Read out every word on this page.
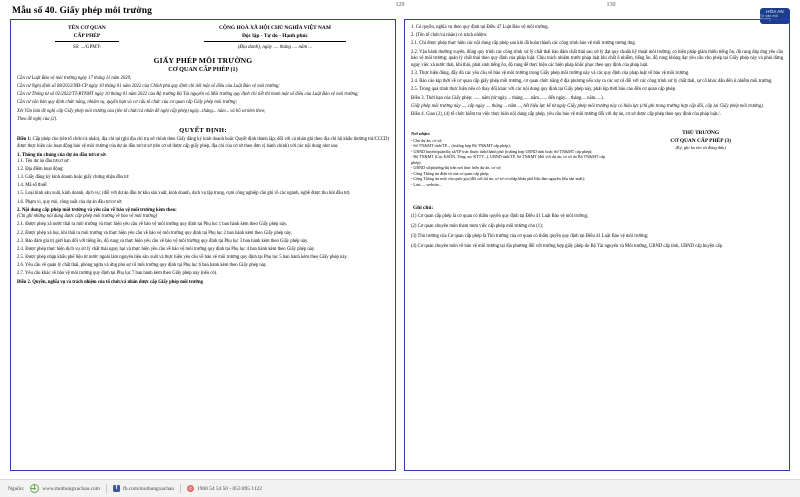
Mẫu số 40. Giấy phép môi trường
129	130
HÒA AN
Tư vấn môi trường
TÊN CƠ QUAN
CẤP PHÉP
Số: .../GPMT-
CỘNG HOÀ XÃ HỘI CHỦ NGHĨA VIỆT NAM
Độc lập - Tự do - Hạnh phúc
(Địa danh), ngày .... tháng .... năm ...
GIẤY PHÉP MÔI TRƯỜNG
CƠ QUAN CẤP PHÉP (1)

Căn cứ Luật Bảo vệ môi trường ngày 17 tháng 11 năm 2020;

Căn cứ Nghị định số 08/2022/NĐ-CP ngày 10 tháng 01 năm 2022 của Chính phủ quy định chi tiết một số điều của Luật Bảo vệ môi trường;

Căn cứ Thông tư số 02/2022/TT-BTNMT ngày 10 tháng 01 năm 2022 của Bộ trưởng Bộ Tài nguyên và Môi trường quy định chi tiết thi hành một số điều của Luật Bảo vệ môi trường;

Căn cứ văn bản quy định chức năng, nhiệm vụ, quyền hạn và cơ cấu tổ chức của cơ quan cấp Giấy phép môi trường;

Xét Văn bản đề nghị cấp Giấy phép môi trường của (tên tổ chức/cá nhân đề nghị cấp phép) ngày...tháng... năm... và hồ sơ kèm theo;

Theo đề nghị của (2).

QUYẾT ĐỊNH:

Điều 1: Cấp phép cho (tên tổ chức/cá nhân), địa chỉ tại (ghi địa chỉ trụ sở chính theo Giấy đăng ký kinh doanh hoặc Quyết định thành lập; đối với cá nhân ghi theo địa chỉ hộ khẩu thường trú/CCCD) được thực hiện các hoạt động bảo vệ môi trường của dự án đầu tư/cơ sở (tên cơ sở được cấp giấy phép, địa chỉ của cơ sở theo đơn vị hành chính) với các nội dung như sau:

1. Thông tin chung của dự án đầu tư/cơ sở:

1.1. Tên dự án đầu tư/cơ sở:

1.2. Địa điểm hoạt động:

1.3. Giấy đăng ký kinh doanh hoặc giấy chứng nhận đầu tư:

1.4. Mã số thuế:

1.5. Loại hình sản xuất, kinh doanh, dịch vụ: (đối với dự án đầu tư khu sản xuất, kinh doanh, dịch vụ tập trung, cụm công nghiệp cần ghi rõ các ngành, nghề được thu hút đầu tư).

1.6. Phạm vi, quy mô, công suất của dự án đầu tư/cơ sở:

2. Nội dung cấp phép môi trường và yêu cầu về bảo vệ môi trường kèm theo:

(Chỉ ghi những nội dung được cấp phép môi trường về bảo vệ môi trường)

2.1. Được phép xả nước thải ra môi trường và thực hiện yêu cầu về bảo vệ môi trường quy định tại Phụ lục 1 ban hành kèm theo Giấy phép này.

2.2. Được phép xả bụi, khí thải ra môi trường và thực hiện yêu cầu về bảo vệ môi trường quy định tại Phụ lục 2 ban hành kèm theo Giấy phép này.

2.3. Bảo đảm giá trị giới hạn đối với tiếng ồn, độ rung và thực hiện yêu cầu về bảo vệ môi trường quy định tại Phụ lục 3 ban hành kèm theo Giấy phép này.

2.4. Được phép thực hiện dịch vụ xử lý chất thải nguy hại và thực hiện yêu cầu về bảo vệ môi trường quy định tại Phụ lục 4 ban hành kèm theo Giấy phép này.

2.5. Được phép nhập khẩu phế liệu từ nước ngoài làm nguyên liệu sản xuất và thực hiện yêu cầu về bảo vệ môi trường quy định tại Phụ lục 5 ban hành kèm theo Giấy phép này.

2.6. Yêu cầu về quản lý chất thải, phòng ngừa và ứng phó sự cố môi trường quy định tại Phụ lục 6 ban hành kèm theo Giấy phép này.

2.7. Yêu cầu khác về bảo vệ môi trường quy định tại Phụ lục 7 ban hành kèm theo Giấy phép này (nếu có).

Điều 2. Quyền, nghĩa vụ và trách nhiệm của tổ chức/cá nhân được cấp Giấy phép môi trường

1. Có quyền, nghĩa vụ theo quy định tại Điều 47 Luật Bảo vệ môi trường.

2. (Tên tổ chức/cá nhân) có trách nhiệm:

2.1. Chỉ được phép thực hiện các nội dung cấp phép sau khi đã hoàn thành các công trình bảo vệ môi trường tương ứng.

2.2. Vận hành thường xuyên, đúng quy trình các công trình xử lý chất thải bảo đảm chất thải sau xử lý đạt quy chuẩn kỹ thuật môi trường; có biện pháp giảm thiểu tiếng ồn, độ rung đáp ứng yêu cầu bảo vệ môi trường; quản lý chất thải theo quy định của pháp luật. Chịu trách nhiệm trước pháp luật khi chất ô nhiễm, tiếng ồn, độ rung không đạt yêu cầu cho phép tại Giấy phép này và phải dừng ngay việc xả nước thải, khí thải, phát sinh tiếng ồn, độ rung để thực hiện các biện pháp khắc phục theo quy định của pháp luật.

2.3. Thực hiện đúng, đầy đủ các yêu cầu về bảo vệ môi trường trong Giấy phép môi trường này và các quy định của pháp luật về bảo vệ môi trường.

2.4. Báo cáo kịp thời về cơ quan cấp giấy phép môi trường, cơ quan chức năng ở địa phương nếu xảy ra các sự cố đối với các công trình xử lý chất thải, sự cố khác dẫn đến ô nhiễm môi trường.

2.5. Trong quá trình thực hiện nếu có thay đổi khác với các nội dung quy định tại Giấy phép này, phải kịp thời báo cáo đến cơ quan cấp phép.

Điều 3. Thời hạn của Giấy phép: ...... năm (từ ngày.... tháng...... năm....... đến ngày.... tháng.... năm.....).

Giấy phép môi trường này ..., cấp ngày .... tháng ... năm ..., hết hiệu lực kể từ ngày Giấy phép môi trường này có hiệu lực (chỉ ghi trong trường hợp cấp đổi, cấp lại Giấy phép môi trường).

Điều 4. Giao (2), (4) tổ chức kiểm tra việc thực hiện nội dung cấp phép, yêu cầu bảo vệ môi trường đối với dự án, cơ sở được cấp phép theo quy định của pháp luật./.

Nơi nhận:
- Chủ dự án, cơ sở;
- Sở TN&MT tỉnh/TP..., (trường hợp Bộ TN&MT cấp phép);
- UBND huyện/quận/thị xã/TP trực thuộc tỉnh/thành phố (trường hợp UBND tỉnh hoặc Sở TN&MT cấp phép);
- Bộ TN&MT (Cục KSÔN, Tổng cục KTTV...), UBND tỉnh/TP, Sở TN&MT (đối với dự án, cơ sở do Bộ TN&MT cấp phép);
- UBND xã/phường/thị trấn nơi thực hiện dự án, cơ sở;
- Công Thông tin điện tử của cơ quan cấp phép;
- Công Thông tin một cửa quốc gia (đối với dự án, cơ sở có nhập khẩu phế liệu làm nguyên liệu sản xuất);
- Lưu:..., website...
THỦ TRƯỞNG
CƠ QUAN CẤP PHÉP (3)
(Ký, ghi họ tên và đóng dấu)
Ghi chú:

(1) Cơ quan cấp phép là cơ quan có thẩm quyền quy định tại Điều 41 Luật Bảo vệ môi trường;

(2) Cơ quan chuyên môn tham mưu việc cấp phép môi trường cho (1);

(3) Thủ trưởng của Cơ quan cấp phép là Thủ trưởng của cơ quan có thẩm quyền quy định tại Điều 41 Luật Bảo vệ môi trường;

(4) Cơ quan chuyên môn về bảo vệ môi trường tại địa phương đối với trường hợp giấy phép do Bộ Tài nguyên và Môi trường, UBND cấp tỉnh, UBND cấp huyện cấp.

Nguồn:	www.mothungxachau.com	f	fb.com/mothungxachau	✆ 1900 54 54 50 - 053 895 1122
